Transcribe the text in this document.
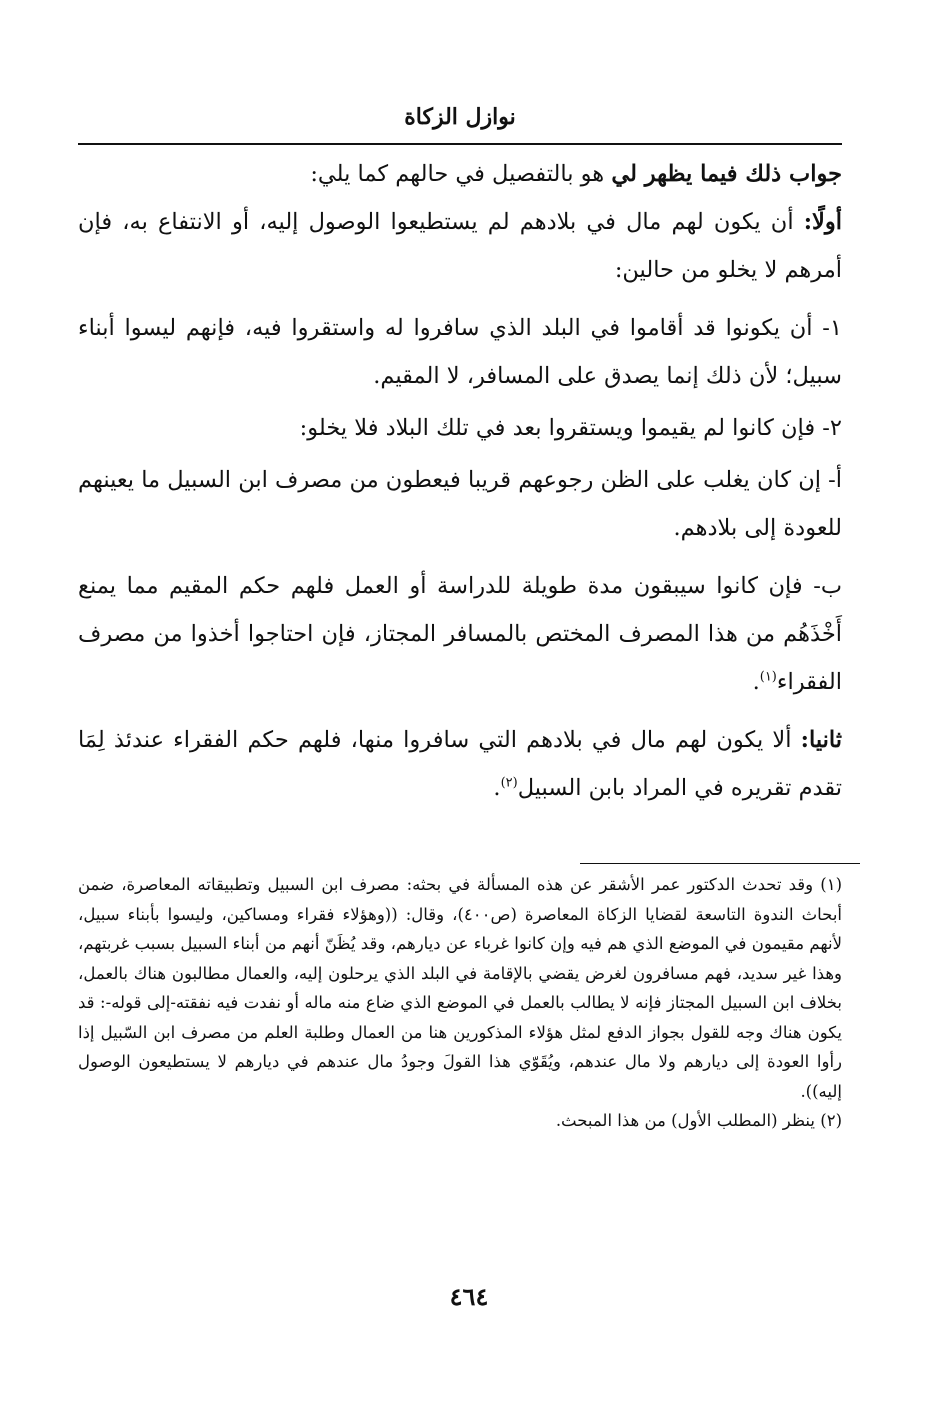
نوازل الزكاة

جواب ذلك فيما يظهر لي هو بالتفصيل في حالهم كما يلي:

أولًا: أن يكون لهم مال في بلادهم لم يستطيعوا الوصول إليه، أو الانتفاع به، فإن أمرهم لا يخلو من حالين:

١- أن يكونوا قد أقاموا في البلد الذي سافروا له واستقروا فيه، فإنهم ليسوا أبناء سبيل؛ لأن ذلك إنما يصدق على المسافر، لا المقيم.

٢- فإن كانوا لم يقيموا ويستقروا بعد في تلك البلاد فلا يخلو:

أ- إن كان يغلب على الظن رجوعهم قريبا فيعطون من مصرف ابن السبيل ما يعينهم للعودة إلى بلادهم.

ب- فإن كانوا سيبقون مدة طويلة للدراسة أو العمل فلهم حكم المقيم مما يمنع أَخْذَهُم من هذا المصرف المختص بالمسافر المجتاز، فإن احتاجوا أخذوا من مصرف الفقراء$^{(١)}$.

ثانيا: ألا يكون لهم مال في بلادهم التي سافروا منها، فلهم حكم الفقراء عندئذ لِمَا تقدم تقريره في المراد بابن السبيل$^{(٢)}$.

(١) وقد تحدث الدكتور عمر الأشقر عن هذه المسألة في بحثه: مصرف ابن السبيل وتطبيقاته المعاصرة، ضمن أبحاث الندوة التاسعة لقضايا الزكاة المعاصرة (ص٤٠٠)، وقال: ((وهؤلاء فقراء ومساكين، وليسوا بأبناء سبيل، لأنهم مقيمون في الموضع الذي هم فيه وإن كانوا غرباء عن ديارهم، وقد يُظَنّ أنهم من أبناء السبيل بسبب غربتهم، وهذا غير سديد، فهم مسافرون لغرض يقضي بالإقامة في البلد الذي يرحلون إليه، والعمال مطالبون هناك بالعمل، بخلاف ابن السبيل المجتاز فإنه لا يطالب بالعمل في الموضع الذي ضاع منه ماله أو نفدت فيه نفقته-إلى قوله-: قد يكون هناك وجه للقول بجواز الدفع لمثل هؤلاء المذكورين هنا من العمال وطلبة العلم من مصرف ابن السّبيل إذا رأوا العودة إلى ديارهم ولا مال عندهم، ويُقَوّي هذا القولَ وجودُ مال عندهم في ديارهم لا يستطيعون الوصول إليه)).

(٢) ينظر (المطلب الأول) من هذا المبحث.

٤٦٤
